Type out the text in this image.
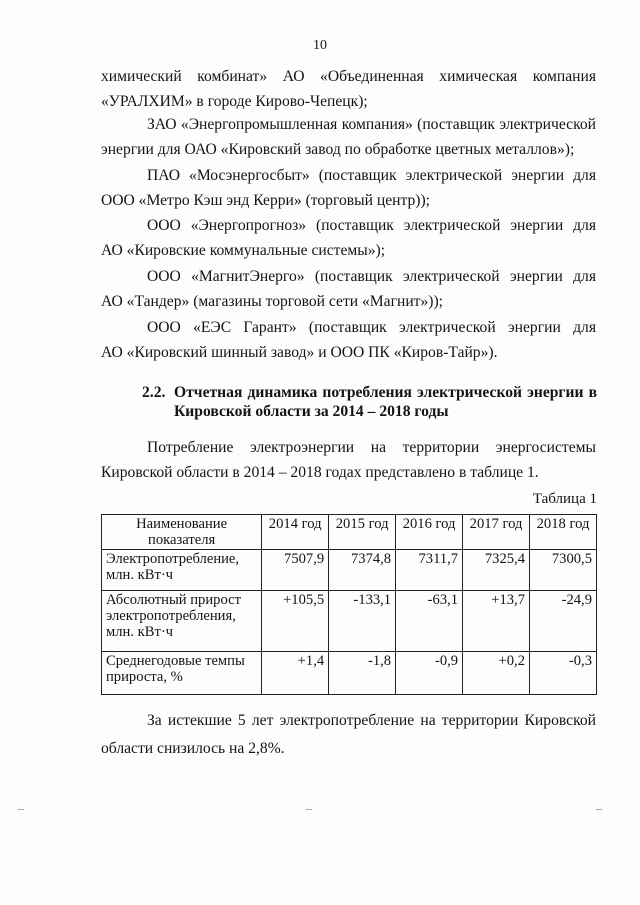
10
химический комбинат» АО «Объединенная химическая компания
«УРАЛХИМ» в городе Кирово-Чепецк);
ЗАО «Энергопромышленная компания» (поставщик электрической
энергии для ОАО «Кировский завод по обработке цветных металлов»);
ПАО «Мосэнергосбыт» (поставщик электрической энергии для
ООО «Метро Кэш энд Керри» (торговый центр));
ООО «Энергопрогноз» (поставщик электрической энергии для
АО «Кировские коммунальные системы»);
ООО «МагнитЭнерго» (поставщик электрической энергии для
АО «Тандер» (магазины торговой сети «Магнит»));
ООО «ЕЭС Гарант» (поставщик электрической энергии для
АО «Кировский шинный завод» и ООО ПК «Киров-Тайр»).
2.2. Отчетная динамика потребления электрической энергии в
Кировской области за 2014 – 2018 годы
Потребление электроэнергии на территории энергосистемы
Кировской области в 2014 – 2018 годах представлено в таблице 1.
Таблица 1
Наименование
показателя	2014 год	2015 год	2016 год	2017 год	2018 год

Электропотребление,
млн. кВт·ч	7507,9	7374,8	7311,7	7325,4	7300,5

Абсолютный прирост
электропотребления,
млн. кВт·ч	+105,5	-133,1	-63,1	+13,7	-24,9

Среднегодовые темпы
прироста, %	+1,4	-1,8	-0,9	+0,2	-0,3
За истекшие 5 лет электропотребление на территории Кировской
области снизилось на 2,8%.
–	–	–
